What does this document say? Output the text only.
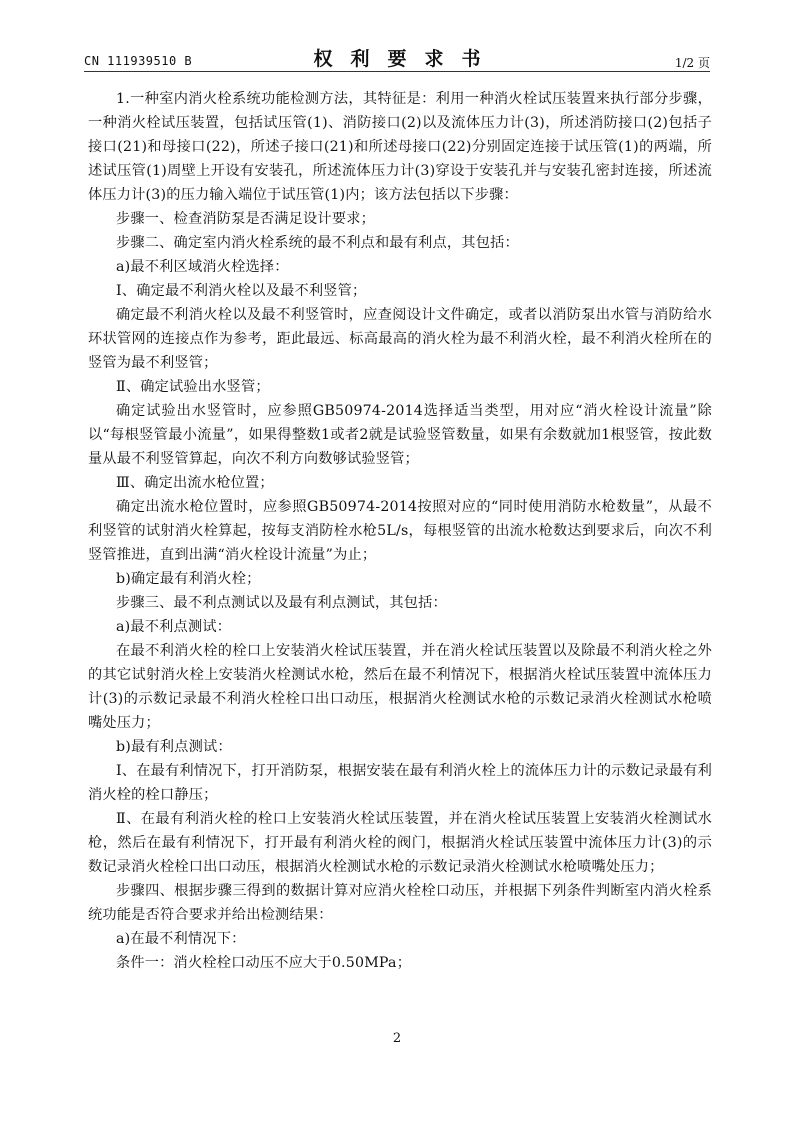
CN 111939510 B	权利要求书	1/2 页

1.一种室内消火栓系统功能检测方法，其特征是：利用一种消火栓试压装置来执行部分步骤，一种消火栓试压装置，包括试压管(1)、消防接口(2)以及流体压力计(3)，所述消防接口(2)包括子接口(21)和母接口(22)，所述子接口(21)和所述母接口(22)分别固定连接于试压管(1)的两端，所述试压管(1)周壁上开设有安装孔，所述流体压力计(3)穿设于安装孔并与安装孔密封连接，所述流体压力计(3)的压力输入端位于试压管(1)内；该方法包括以下步骤：

步骤一、检查消防泵是否满足设计要求；

步骤二、确定室内消火栓系统的最不利点和最有利点，其包括：

a)最不利区域消火栓选择：

Ⅰ、确定最不利消火栓以及最不利竖管；

确定最不利消火栓以及最不利竖管时，应查阅设计文件确定，或者以消防泵出水管与消防给水环状管网的连接点作为参考，距此最远、标高最高的消火栓为最不利消火栓，最不利消火栓所在的竖管为最不利竖管；

Ⅱ、确定试验出水竖管；

确定试验出水竖管时，应参照GB50974-2014选择适当类型，用对应“消火栓设计流量”除以“每根竖管最小流量”，如果得整数1或者2就是试验竖管数量，如果有余数就加1根竖管，按此数量从最不利竖管算起，向次不利方向数够试验竖管；

Ⅲ、确定出流水枪位置；

确定出流水枪位置时，应参照GB50974-2014按照对应的“同时使用消防水枪数量”，从最不利竖管的试射消火栓算起，按每支消防栓水枪5L/s，每根竖管的出流水枪数达到要求后，向次不利竖管推进，直到出满“消火栓设计流量”为止；

b)确定最有利消火栓；

步骤三、最不利点测试以及最有利点测试，其包括：

a)最不利点测试：

在最不利消火栓的栓口上安装消火栓试压装置，并在消火栓试压装置以及除最不利消火栓之外的其它试射消火栓上安装消火栓测试水枪，然后在最不利情况下，根据消火栓试压装置中流体压力计(3)的示数记录最不利消火栓栓口出口动压，根据消火栓测试水枪的示数记录消火栓测试水枪喷嘴处压力；

b)最有利点测试：

Ⅰ、在最有利情况下，打开消防泵，根据安装在最有利消火栓上的流体压力计的示数记录最有利消火栓的栓口静压；

Ⅱ、在最有利消火栓的栓口上安装消火栓试压装置，并在消火栓试压装置上安装消火栓测试水枪，然后在最有利情况下，打开最有利消火栓的阀门，根据消火栓试压装置中流体压力计(3)的示数记录消火栓栓口出口动压，根据消火栓测试水枪的示数记录消火栓测试水枪喷嘴处压力；

步骤四、根据步骤三得到的数据计算对应消火栓栓口动压，并根据下列条件判断室内消火栓系统功能是否符合要求并给出检测结果：

a)在最不利情况下：

条件一：消火栓栓口动压不应大于0.50MPa；

2
